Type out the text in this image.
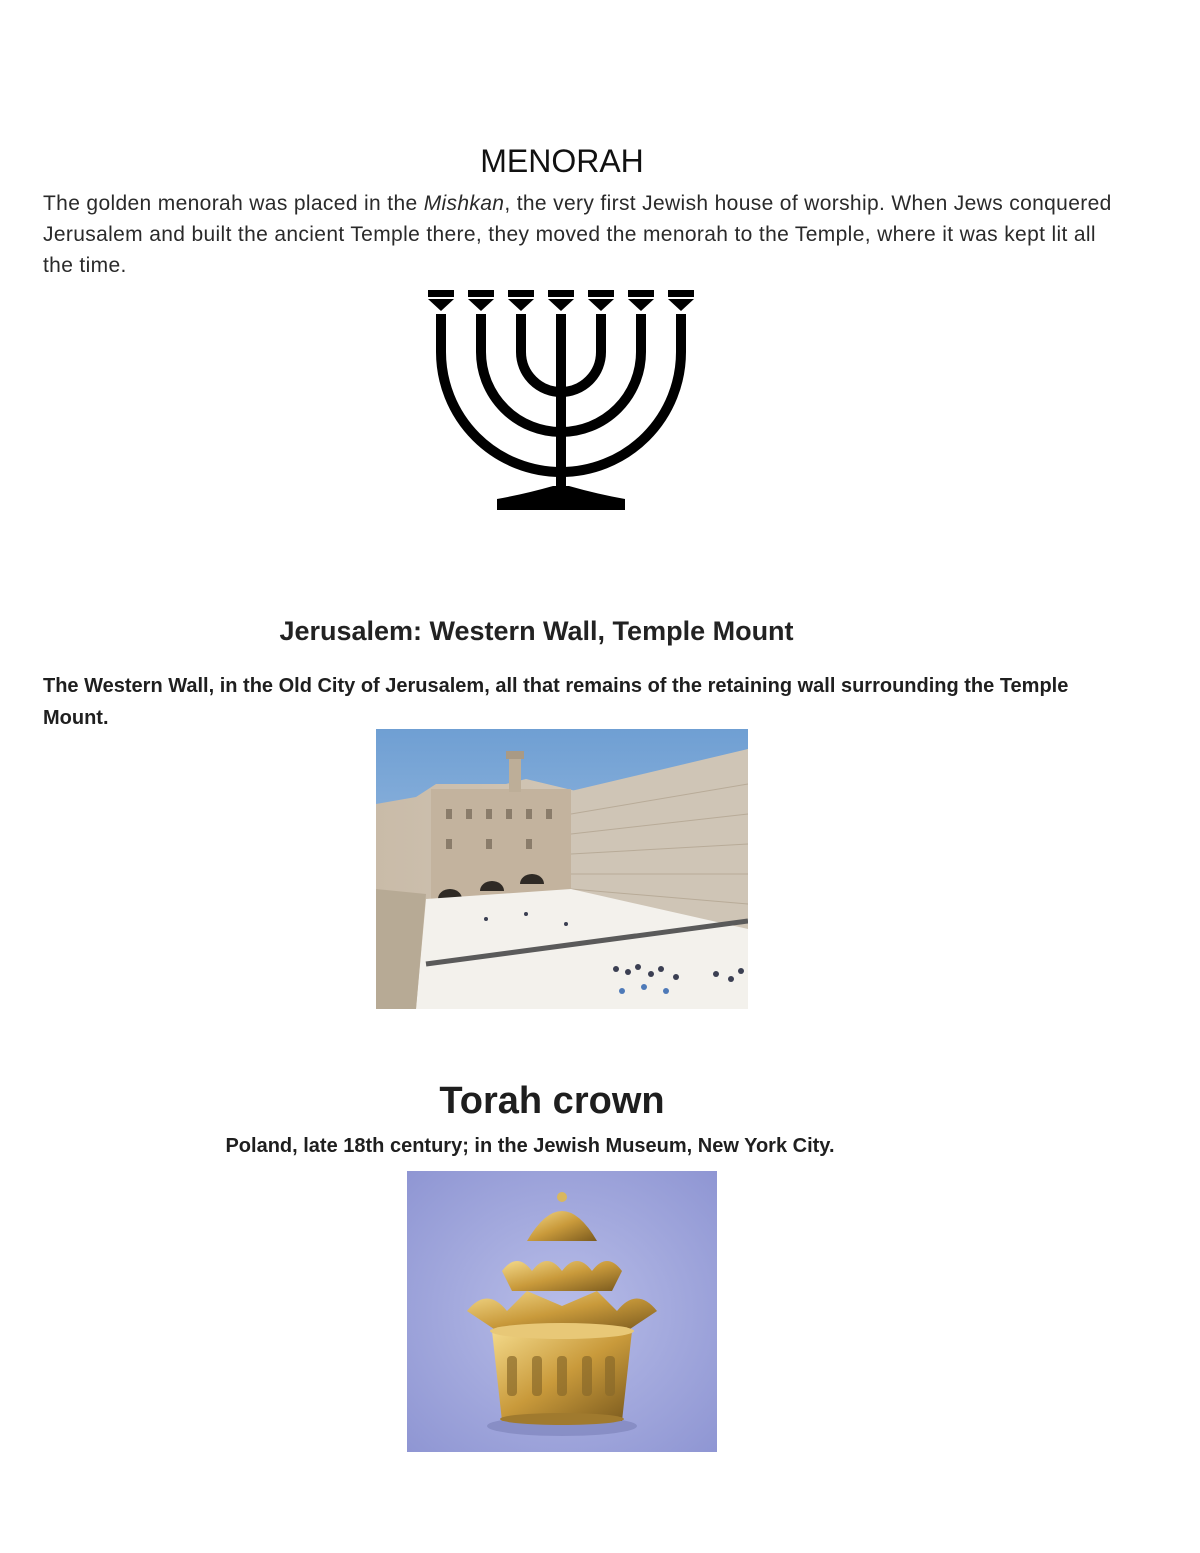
MENORAH
The golden menorah was placed in the Mishkan, the very first Jewish house of worship. When Jews conquered Jerusalem and built the ancient Temple there, they moved the menorah to the Temple, where it was kept lit all the time.
Jerusalem: Western Wall, Temple Mount
The Western Wall, in the Old City of Jerusalem, all that remains of the retaining wall surrounding the Temple Mount.
Torah crown
Poland, late 18th century; in the Jewish Museum, New York City.
